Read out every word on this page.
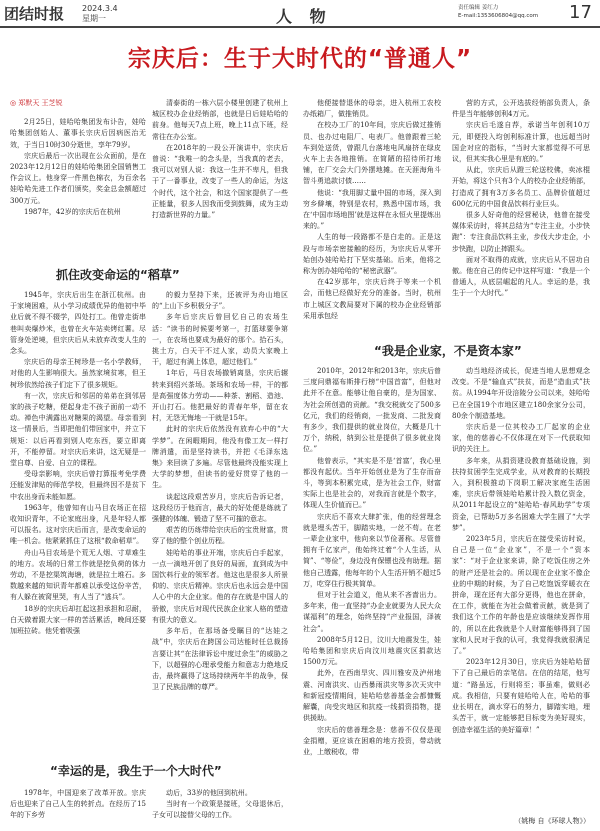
团结时报 2024.3.4
星期一	人 物	责任编辑 姜红力
E-mail:1353606804@qq.com	17
宗庆后：生于大时代的“普通人”
◎ 郑默天 王芝锐

2月25日，娃哈哈集团发布讣告，娃哈哈集团创始人、董事长宗庆后因病医治无效，于当日10时30分逝世，享年79岁。

宗庆后最后一次出现在公众面前，是在2023年12月12日的娃哈哈集团全国销售工作会议上。他身穿一件黑色棉衣，为百余名娃哈哈先进工作者们颁奖，奖金总金额超过300万元。

1987年，42岁的宗庆后在杭州

清泰街的一栋六层小楼里创建了杭州上城区校办企业经销部，也就是日后娃哈哈的前身。他每天7点上班，晚上11点下班，经常往在办公室。

在2018年的一段公开演讲中，宗庆后曾说：“我唯一的念头是，当我真的老去，我可以对别人说：我这一生并不卑凡，但我干了一番事业，改变了一些人的命运，为这个时代，这个社会，和这个国家提供了一些正能量，很多人因我而受到鼓舞，成为主动打造新世界的力量。”

抓住改变命运的“稻草”

1945年，宗庆后出生在浙江杭州。由于家境困难，从小学习成绩优异的他初中毕业后就不得不辍学，四处打工。他曾走街串巷叫卖爆炒米，也曾在火车站卖烤红薯。尽管身处逆境，但宗庆后从未放弃改变人生的念头。

宗庆后的母亲王树珍是一名小学教师，对他的人生影响很大。虽然家境贫寒，但王树珍依然给孩子们定下了很多规矩。

有一次，宗庆后和邻居的弟弟在到邻居家的孩子吃糖，便起身走不孩子面前一动不动。禅色中满露出对糖果的渴望。母亲看到这一情景后，当即把他们带回家中，并立下规矩：以后再看到别人吃东西，要立即离开，不能停留。对宗庆后来讲，这无疑是一堂自尊、自爱、自立的课程。

受母亲影响，宗庆后曾打算报考免学费还能发津贴的师范学校，但最终因不是贫下中农出身而未能如愿。

1963年，他曾知有山马目农场正在招收知识青年，不论家庭出身，凡是年轻人都可以报名。这对宗庆后而言，是改变命运的唯一机会。他紧紧抓住了这根“救命稻草”。

舟山马目农场是个荒无人烟、寸草难生的地方。农场的日常工作就是挖负荷的体力劳动，不是挖渠筑海塘，就是拉土堆石。多数越来越的知识青年都难以承受这份辛苦，有人躲在被窝里哭，有人当了“逃兵”。

18岁的宗庆后却扛起这担承担和忍耐，白天做着跟大家一样的苦活累活，晚间还要加班拉砖。他凭着吸强

的毅力坚持下来，还被评为舟山地区的“上山下乡积极分子”。

多年后宗庆后曾回忆自己的农场生活：“读书的时候要考第一，打篮球要争第一，在农场也要成为最好的那个。拾石头，挑土方，白天干不过人家，动员大家晚上干，超过有满上体息，超过他们。”

1年后，马目农场撤销离垦，宗庆后辗转来到绍兴茶场。茶场和农场一样，干的都是高强度体力劳动——种茶、割稻、造池、开山打石。他把最好的青春年华，留在农村，无怨无悔地一干就是15年。

此时的宗庆后依然没有放弃心中的“大学梦”。在闲暇期间，他没有像工友一样打牌消遣，而是坚持读书，并把《毛泽东选集》来回读了多遍。尽管他最终没能实现上大学的梦想，但读书的爱好贯穿了他的一生。

谈起这段艰苦岁月，宗庆后告诉记者，这段经历于他而言，最大的好处便是练就了强健的体魄、锻造了坚不可摧的意志。

艰苦的历练带给宗庆后的宝贵财富，贯穿了他的整个创业历程。

娃哈哈的事业开端，宗庆后白手起家，一点一滴地开创了良好的局面，直到成为中国饮料行业的领军者。他这也是很多人所景仰的、宗庆后精神。宗庆后也永远会是中国人心中的大企业家。他的存在就是中国人的骄傲，宗庆后对现代民族企业家人格的塑造有很大的意义。

多年后，在那场备受瞩目的“达娃之战”中，宗庆后在跨国公司达能时任总裁扬言要让其“在法律诉讼中度过余生”的威胁之下，以超强的心理承受能力和意志力绝地反击，最终赢得了这场持续两年半的战争，保卫了民族品牌的尊严。

“幸运的是，我生于一个大时代”

1978年，中国迎来了改革开放。宗庆后也迎来了自己人生的转折点。在经历了15年的下乡劳

动后，33岁的他回到杭州。

当时有一个政策是接班，父母退休后，子女可以接替父母的工作。

他便接替退休的母亲，进入杭州工农校办纸箱厂，做推销员。

在校办工厂的10年间，宗庆后做过推销员、也办过电阻厂、电表厂。他曾跟着三轮车到处送货，曾跟几台落地电风扇挤在绿皮火车上去各地推销。在简陋的招待所打地铺，在厂交会大门外摆地摊。在天涯海角斗智斗勇追款讨债……

他说：“我用脚丈量中国的市场，深入到穷乡僻壤，特别是农村，熟悉中国市场，我在‘中国市场地图’就是这样在永恒火里提炼出来的。”

人生的每一段路都不是白走的。正是这段与市场亲密接触的经历，为宗庆后从零开始创办娃哈哈打下坚实基础。后来，他将之称为创办娃哈哈的“秘密武器”。

在42岁那年，宗庆后终于等来一个机会，而他已经做好充分的准备。当时，杭州市上城区文教局要对下属的校办企业经销部采用承包经

营的方式，公开选拔经销部负责人，条件是当年能够创利4万元。

宗庆后毛遂自荐，承诺当年创利10万元，即便投入均创利标准计算，也远超当时国企对应的指标，“当时大家都觉得不可思议，但其实我心里是有底的。”

从此，宗庆后从蹬三轮送校佛，卖冰棍开始，将这个只有3个人的校办企业经销部，打造成了拥有3万多名员工、品牌价值超过600亿元的中国食品饮料行业巨头。

很多人好奇他的经营秘诀，他曾在接受媒体采访时，将其总结为“专注主业，小步快跑”：专注食品饮料主业，步伐大步走企，小步快跑，以防止摔跟头。

面对不取得的成就，宗庆后从不居功自傲。他在自己的传记中这样写道：“我是一个普通人，从底层崛起的凡人。幸运的是，我生于一个大时代。”

“我是企业家，不是资本家”

2010年，2012年和2013年，宗庆后曾三度问鼎福布斯排行榜“中国首富”，但他对此并不在意。能够让他自豪的，是为国家、为社会所创造的贡献。“我交税就交了500多亿元，我们的经销商，一批发商、二批发商有多少，我们提供的就业岗位，大概是几十万个，纳税，纳到公社是提供了很多就业岗位。”

他曾表示，“其实是不是‘首富’，我心里都没有起伏。当年开始创业是为了生存而奋斗，等到本积累完成，是为社会工作，财富实际上也是社会的，对我而言就是个数字，体现人生价值而已。”

宗庆后不喜欢大肆扩张，他的经营理念就是埋头苦干，脚踏实地，一丝不苟。在老一辈企业家中，他向来以节俭著称。尽管曾拥有千亿家产，他始终过着“个人生活，从简”、“等俭”，身边没有保镖也没有助理。据他自己透露，他每年的个人生活开销不超过5万，吃穿住行极其简单。

但对于社会道义，他从来不吝啬出力。多年来，他一直坚持“办企业就要为人民大众谋福利”的理念，始终坚持“产业报国，泽被社会”。

2008年5月12日，汶川大地震发生，娃哈哈集团和宗庆后向汶川地震灾区捐款达1500万元。

此外，在西南旱灾、四川雅安及泸州地震、河南洪灾、山西暴雨洪灾等多次天灾中和新冠疫情期间，娃哈哈慈善基金会都慷慨解囊，向受灾地区和抗疫一线捐资捐物，提供援助。

宗庆后的慈善理念是：慈善不仅仅是现金捐赠，更应该在困难的地方投资，带动就业，上缴税收，带

动当地经济成长，促进当地人思想观念改变。不是“输血式”扶贫，而是“造血式”扶贫。从1994年开设涪陵分公司以来，娃哈哈已在全国19个市地区建立180余家分公司，80余个制造基地。

宗庆后是一位其校办工厂起家的企业家，他的慈善心不仅体现在对下一代获取知识的关注上。

多年来，从捐资建设教育基础设施，到扶持贫困学生完成学业，从对教育的长期投入，到积极推动下岗职工解决家庭生活困难，宗庆后带领娃哈哈累计投入数亿资金，从2011年起设立的“娃哈哈·春风助学”专项资金，已帮助5万多名困难大学生圆了“大学梦”。

2023年5月，宗庆后在接受采访时说，自己是一位“企业家”，不是一个“资本家”：“对于企业家来讲，除了吃饭住房之外的财产还是社会的。所以现在企业家不像企业的中期的时候，为了自己吃饱饭穿暖衣在拼命，现在还有大部分更得，他也在拼命，在工作，就能在为社会做着贡献，就是到了我们这个工作的年龄也是应该继续发挥作用的，所以在此我就是个人财富能够得到了国家和人民对于我的认可，我觉得我就很满足了。”

2023年12月30日，宗庆后为娃哈哈留下了自己最后的亲笔信。在信的结尾，他写道：“路虽远，行则将至；事虽难，做则必成。我相信，只要有娃哈哈人在，哈哈的事业长明在，滴水穿石的努力，脚踏实地，埋头苦干，就一定能够把目标变为美好现实，创造幸福生活的美好篇章！”

（姚梅 自《环球人物》）
